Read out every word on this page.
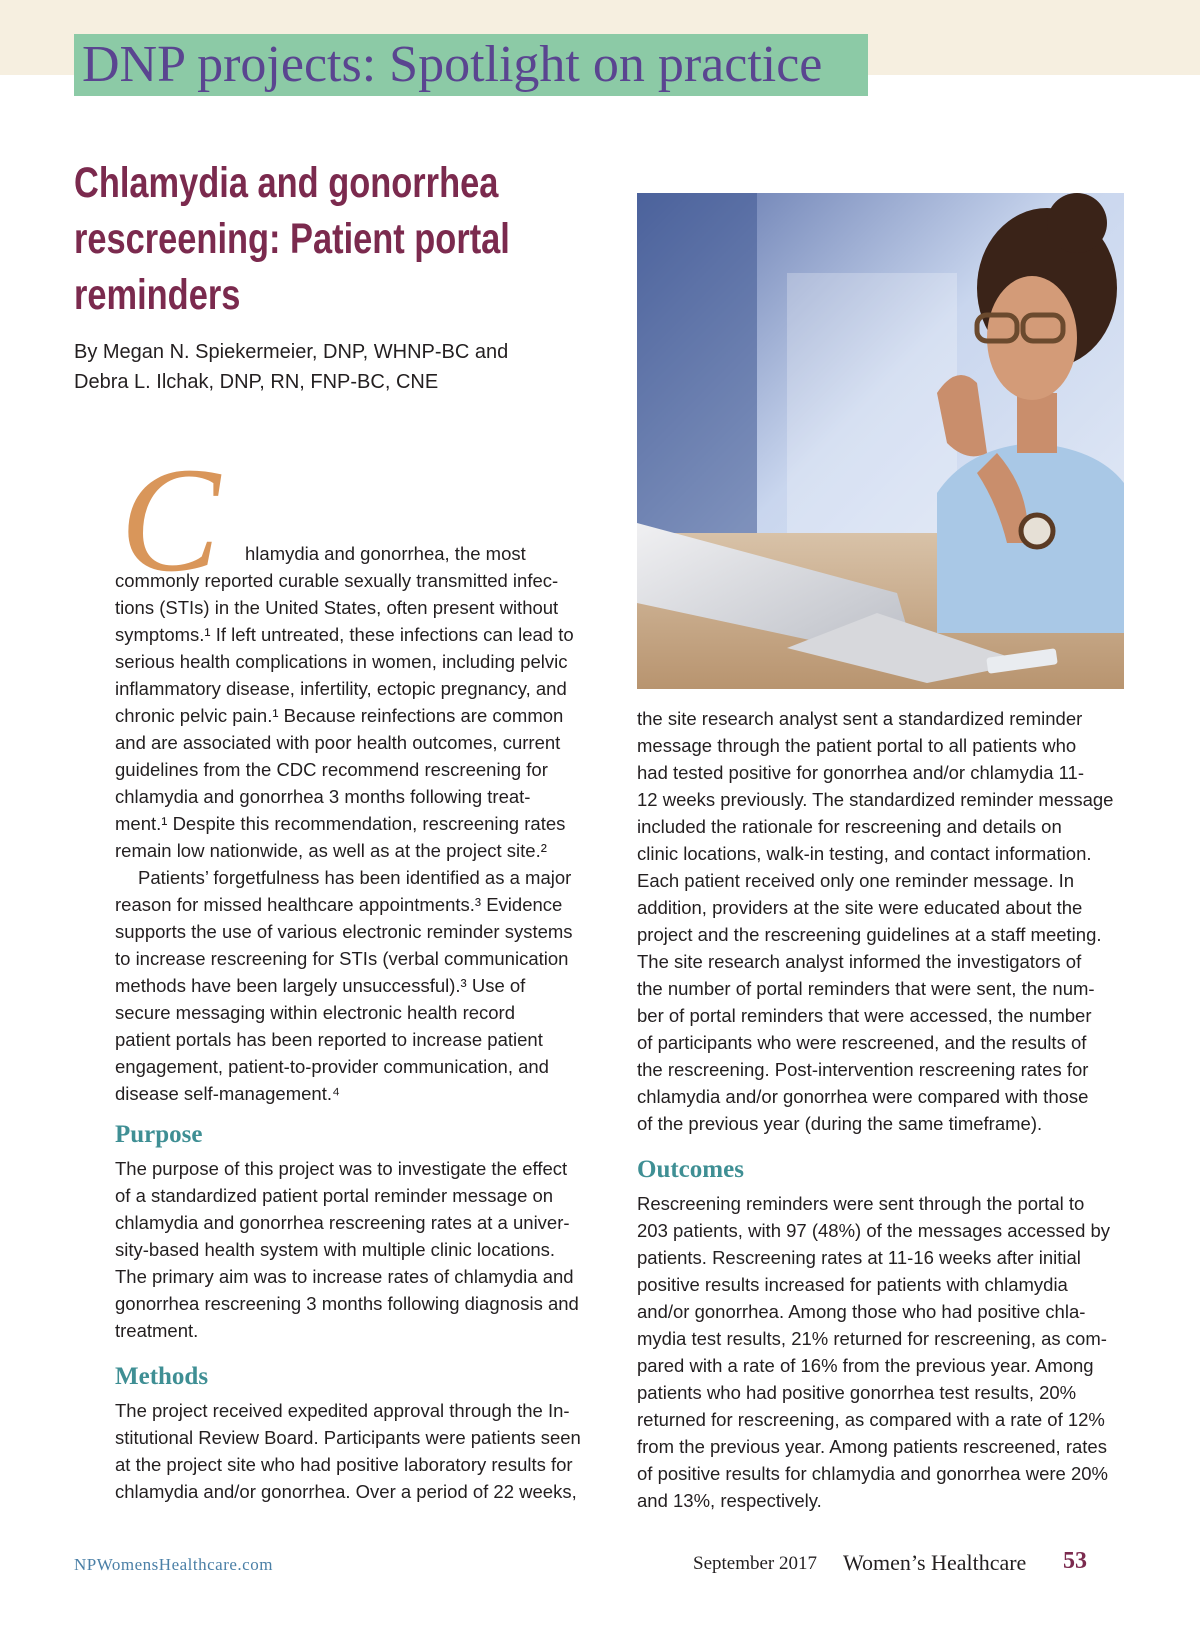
DNP projects: Spotlight on practice
Chlamydia and gonorrhea
rescreening: Patient portal
reminders
By Megan N. Spiekermeier, DNP, WHNP-BC and
Debra L. Ilchak, DNP, RN, FNP-BC, CNE
C	hlamydia and gonorrhea, the most
commonly reported curable sexually transmitted infec-
tions (STIs) in the United States, often present without
symptoms.¹ If left untreated, these infections can lead to
serious health complications in women, including pelvic
inflammatory disease, infertility, ectopic pregnancy, and
chronic pelvic pain.¹ Because reinfections are common
and are associated with poor health outcomes, current
guidelines from the CDC recommend rescreening for
chlamydia and gonorrhea 3 months following treat-
ment.¹ Despite this recommendation, rescreening rates
remain low nationwide, as well as at the project site.²

Patients’ forgetfulness has been identified as a major
reason for missed healthcare appointments.³ Evidence
supports the use of various electronic reminder systems
to increase rescreening for STIs (verbal communication
methods have been largely unsuccessful).³ Use of
secure messaging within electronic health record
patient portals has been reported to increase patient
engagement, patient-to-provider communication, and
disease self-management.⁴

Purpose

The purpose of this project was to investigate the effect
of a standardized patient portal reminder message on
chlamydia and gonorrhea rescreening rates at a univer-
sity-based health system with multiple clinic locations.
The primary aim was to increase rates of chlamydia and
gonorrhea rescreening 3 months following diagnosis and
treatment.

Methods

The project received expedited approval through the In-
stitutional Review Board. Participants were patients seen
at the project site who had positive laboratory results for
chlamydia and/or gonorrhea. Over a period of 22 weeks,

the site research analyst sent a standardized reminder
message through the patient portal to all patients who
had tested positive for gonorrhea and/or chlamydia 11-
12 weeks previously. The standardized reminder message
included the rationale for rescreening and details on
clinic locations, walk-in testing, and contact information.
Each patient received only one reminder message. In
addition, providers at the site were educated about the
project and the rescreening guidelines at a staff meeting.
The site research analyst informed the investigators of
the number of portal reminders that were sent, the num-
ber of portal reminders that were accessed, the number
of participants who were rescreened, and the results of
the rescreening. Post-intervention rescreening rates for
chlamydia and/or gonorrhea were compared with those
of the previous year (during the same timeframe).

Outcomes

Rescreening reminders were sent through the portal to
203 patients, with 97 (48%) of the messages accessed by
patients. Rescreening rates at 11-16 weeks after initial
positive results increased for patients with chlamydia
and/or gonorrhea. Among those who had positive chla-
mydia test results, 21% returned for rescreening, as com-
pared with a rate of 16% from the previous year. Among
patients who had positive gonorrhea test results, 20%
returned for rescreening, as compared with a rate of 12%
from the previous year. Among patients rescreened, rates
of positive results for chlamydia and gonorrhea were 20%
and 13%, respectively.

NPWomensHealthcare.com	September 2017 Women’s Healthcare 53
